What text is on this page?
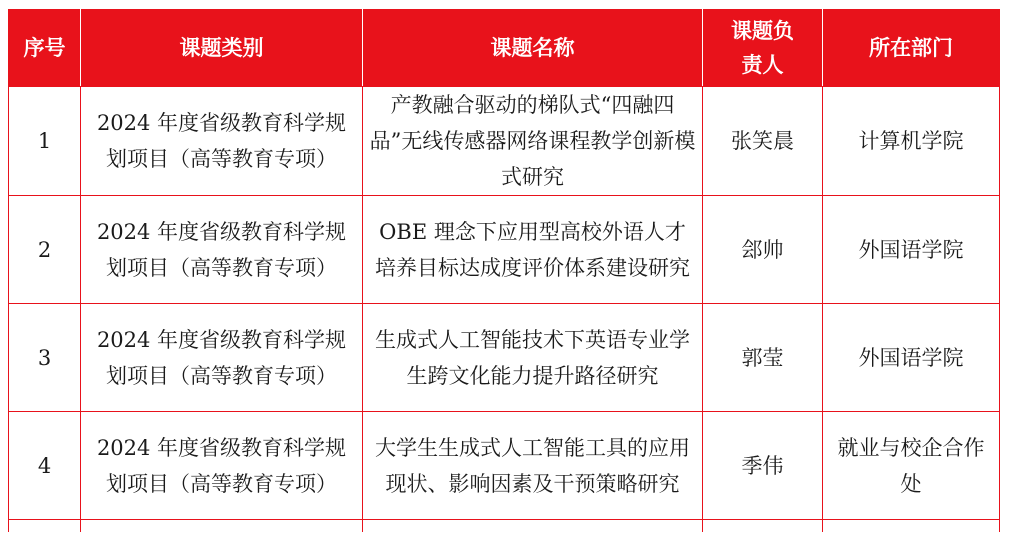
序号	课题类别	课题名称	课题负责人	所在部门
1	2024 年度省级教育科学规划项目（高等教育专项）	产教融合驱动的梯队式“四融四品”无线传感器网络课程教学创新模式研究	张笑晨	计算机学院
2	2024 年度省级教育科学规划项目（高等教育专项）	OBE 理念下应用型高校外语人才培养目标达成度评价体系建设研究	郐帅	外国语学院
3	2024 年度省级教育科学规划项目（高等教育专项）	生成式人工智能技术下英语专业学生跨文化能力提升路径研究	郭莹	外国语学院
4	2024 年度省级教育科学规划项目（高等教育专项）	大学生生成式人工智能工具的应用现状、影响因素及干预策略研究	季伟	就业与校企合作处
